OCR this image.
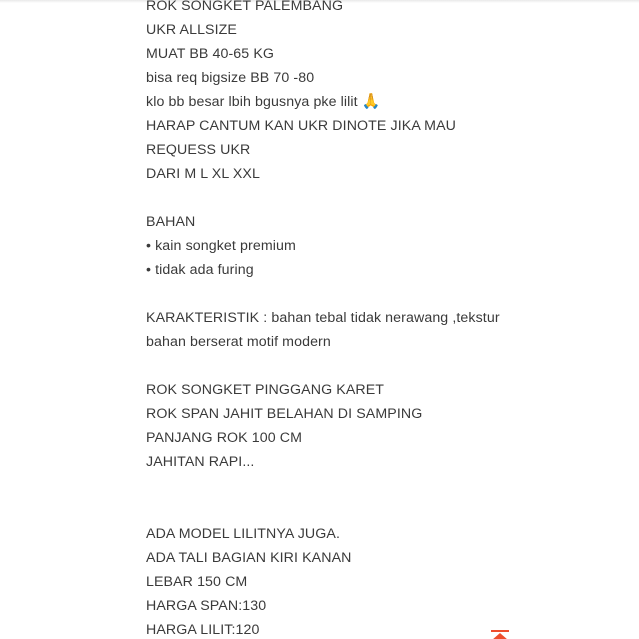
ROK SONGKET PALEMBANG
UKR ALLSIZE
MUAT BB 40-65 KG
bisa req bigsize BB 70 -80
klo bb besar lbih bgusnya pke lilit 🙏
HARAP CANTUM KAN UKR DINOTE JIKA MAU
REQUESS UKR
DARI M L XL XXL
BAHAN
• kain songket premium
• tidak ada furing
KARAKTERISTIK : bahan tebal tidak nerawang ,tekstur
bahan berserat motif modern
ROK SONGKET PINGGANG KARET
ROK SPAN JAHIT BELAHAN DI SAMPING
PANJANG ROK 100 CM
JAHITAN RAPI...
ADA MODEL LILITNYA JUGA.
ADA TALI BAGIAN KIRI KANAN
LEBAR 150 CM
HARGA SPAN:130
HARGA LILIT:120
